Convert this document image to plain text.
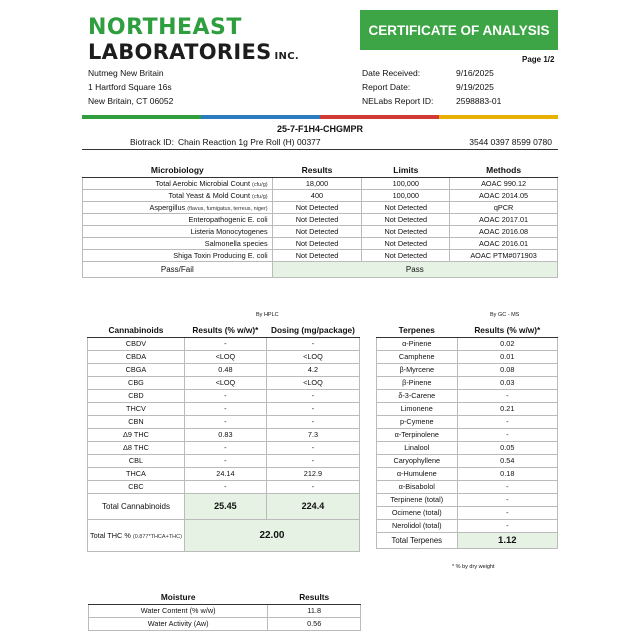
NORTHEAST
LABORATORIES INC.
CERTIFICATE OF ANALYSIS
Page 1/2
Nutmeg New Britain
1 Hartford Square 16s
New Britain, CT 06052
Date Received:	9/16/2025
Report Date:	9/19/2025
NELabs Report ID:	2598883-01
25-7-F1H4-CHGMPR
Biotrack ID: Chain Reaction 1g Pre Roll (H) 00377	3544 0397 8599 0780
Microbiology	Results	Limits	Methods
Total Aerobic Microbial Count (cfu/g)	18,000	100,000	AOAC 990.12
Total Yeast & Mold Count (cfu/g)	400	100,000	AOAC 2014.05
Aspergillus (flavus, fumigatus, terreus, niger)	Not Detected	Not Detected	qPCR
Enteropathogenic E. coli	Not Detected	Not Detected	AOAC 2017.01
Listeria Monocytogenes	Not Detected	Not Detected	AOAC 2016.08
Salmonella species	Not Detected	Not Detected	AOAC 2016.01
Shiga Toxin Producing E. coli	Not Detected	Not Detected	AOAC PTM#071903
Pass/Fail	Pass		
By HPLC	By GC - MS
Cannabinoids	Results (% w/w)*	Dosing (mg/package)
CBDV	-	-
CBDA	<LOQ	<LOQ
CBGA	0.48	4.2
CBG	<LOQ	<LOQ
CBD	-	-
THCV	-	-
CBN	-	-
Δ9 THC	0.83	7.3
Δ8 THC	-	-
CBL	-	-
THCA	24.14	212.9
CBC	-	-
Total Cannabinoids	25.45	224.4
Total THC % (0.877*THCA+THC)	22.00	
Terpenes	Results (% w/w)*
α-Pinene	0.02
Camphene	0.01
β-Myrcene	0.08
β-Pinene	0.03
δ-3-Carene	-
Limonene	0.21
p-Cymene	-
α-Terpinolene	-
Linalool	0.05
Caryophyllene	0.54
α-Humulene	0.18
α-Bisabolol	-
Terpinene (total)	-
Ocimene (total)	-
Nerolidol (total)	-
Total Terpenes	1.12
* % by dry weight
Moisture	Results
Water Content (% w/w)	11.8
Water Activity (Aw)	0.56
